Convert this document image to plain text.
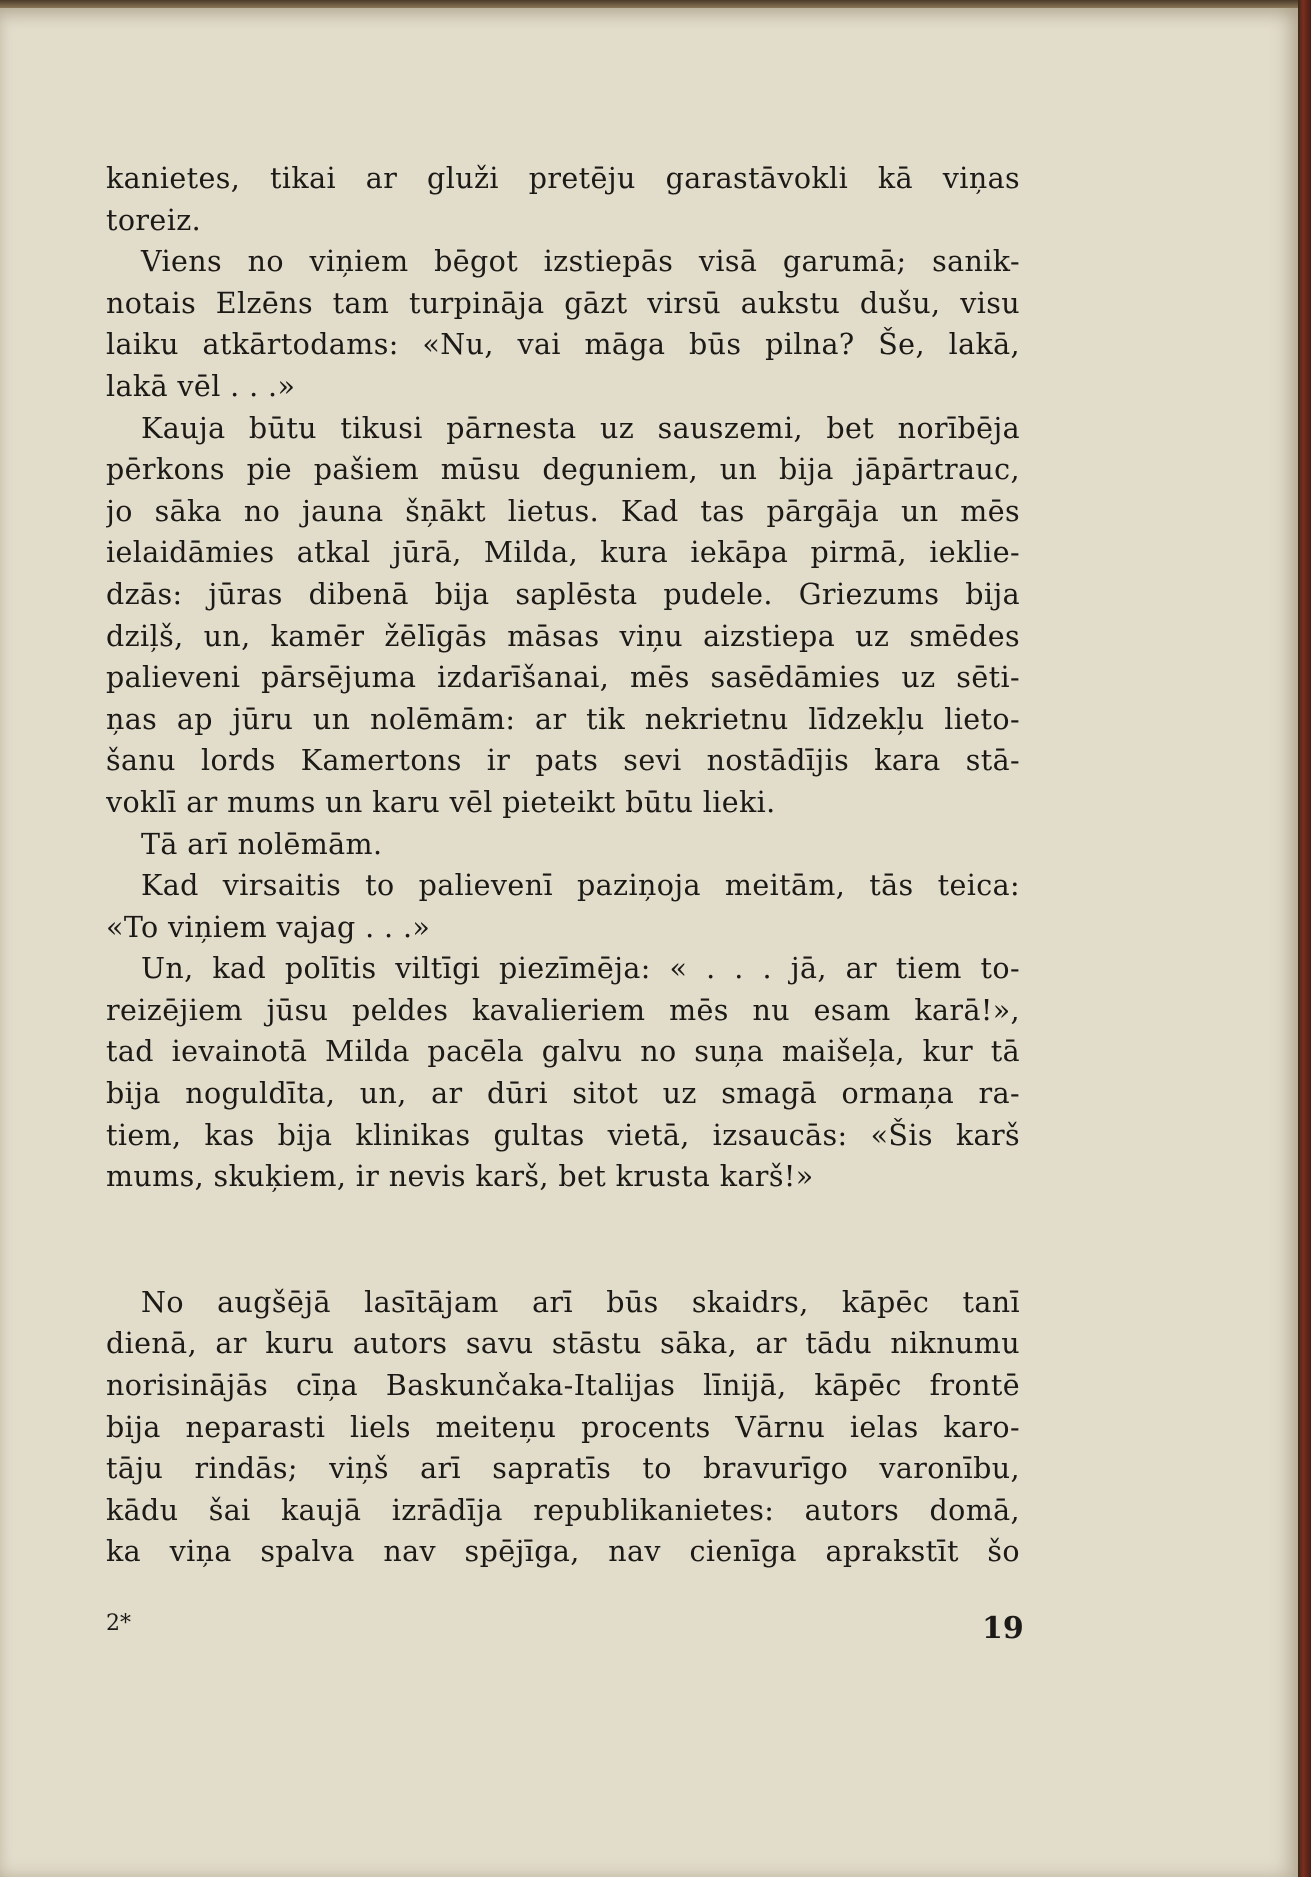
kanietes, tikai ar gluži pretēju garastāvokli kā viņas
toreiz.
Viens no viņiem bēgot izstiepās visā garumā; sanik-
notais Elzēns tam turpināja gāzt virsū aukstu dušu, visu
laiku atkārtodams: «Nu, vai māga būs pilna? Še, lakā,
lakā vēl . . .»
Kauja būtu tikusi pārnesta uz sauszemi, bet norībēja
pērkons pie pašiem mūsu deguniem, un bija jāpārtrauc,
jo sāka no jauna šņākt lietus. Kad tas pārgāja un mēs
ielaidāmies atkal jūrā, Milda, kura iekāpa pirmā, ieklie-
dzās: jūras dibenā bija saplēsta pudele. Griezums bija
dziļš, un, kamēr žēlīgās māsas viņu aizstiepa uz smēdes
palieveni pārsējuma izdarīšanai, mēs sasēdāmies uz sēti-
ņas ap jūru un nolēmām: ar tik nekrietnu līdzekļu lieto-
šanu lords Kamertons ir pats sevi nostādījis kara stā-
voklī ar mums un karu vēl pieteikt būtu lieki.
Tā arī nolēmām.
Kad virsaitis to palievenī paziņoja meitām, tās teica:
«To viņiem vajag . . .»
Un, kad polītis viltīgi piezīmēja: « . . . jā, ar tiem to-
reizējiem jūsu peldes kavalieriem mēs nu esam karā!»,
tad ievainotā Milda pacēla galvu no suņa maišeļa, kur tā
bija noguldīta, un, ar dūri sitot uz smagā ormaņa ra-
tiem, kas bija klinikas gultas vietā, izsaucās: «Šis karš
mums, skuķiem, ir nevis karš, bet krusta karš!»
No augšējā lasītājam arī būs skaidrs, kāpēc tanī
dienā, ar kuru autors savu stāstu sāka, ar tādu niknumu
norisinājās cīņa Baskunčaka-Italijas līnijā, kāpēc frontē
bija neparasti liels meiteņu procents Vārnu ielas karo-
tāju rindās; viņš arī sapratīs to bravurīgo varonību,
kādu šai kaujā izrādīja republikanietes: autors domā,
ka viņa spalva nav spējīga, nav cienīga aprakstīt šo
2*	19
